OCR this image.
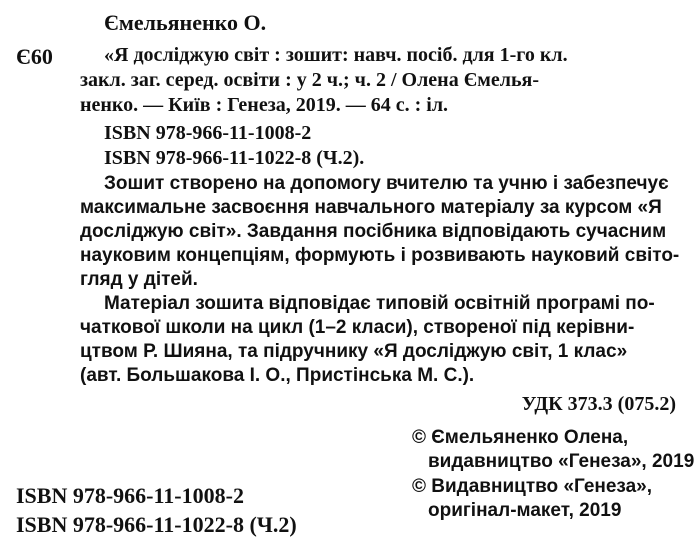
Ємельяненко О.
Є60	«Я досліджую світ : зошит: навч. посіб. для 1-го кл.
закл. заг. серед. освіти : у 2 ч.; ч. 2 / Олена Ємелья-
ненко. — Київ : Генеза, 2019. — 64 с. : іл.
ISBN 978-966-11-1008-2
ISBN 978-966-11-1022-8 (Ч.2).
Зошит створено на допомогу вчителю та учню і забезпечує
максимальне засвоєння навчального матеріалу за курсом «Я
досліджую світ». Завдання посібника відповідають сучасним
науковим концепціям, формують і розвивають науковий світо-
гляд у дітей.
Матеріал зошита відповідає типовій освітній програмі по-
чаткової школи на цикл (1–2 класи), створеної під керівни-
цтвом Р. Шияна, та підручнику «Я досліджую світ, 1 клас»
(авт. Большакова І. О., Пристінська М. С.).
УДК 373.3 (075.2)
© Ємельяненко Олена,
видавництво «Генеза», 2019
© Видавництво «Генеза»,
оригінал-макет, 2019
ISBN 978-966-11-1008-2
ISBN 978-966-11-1022-8 (Ч.2)
